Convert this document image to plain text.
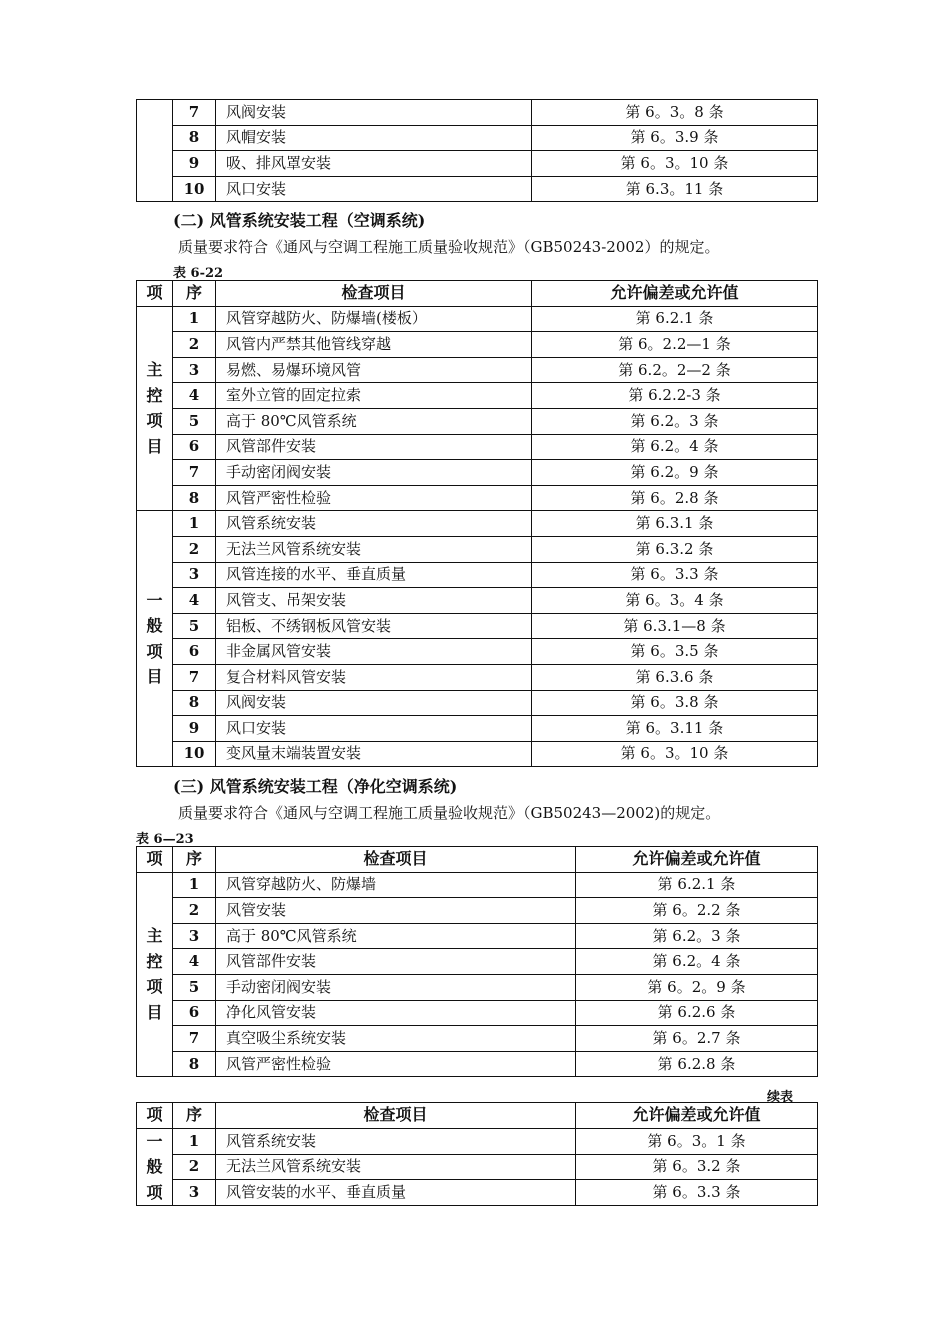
	7	风阀安装	第 6。3。8 条
	8	风帽安装	第 6。3.9 条
	9	吸、排风罩安装	第 6。3。10 条
	10	风口安装	第 6.3。11 条
(二) 风管系统安装工程（空调系统)
质量要求符合《通风与空调工程施工质量验收规范》（GB50243-2002）的规定。
表 6-22
项	序	检查项目	允许偏差或允许值
主
控
项
目	1	风管穿越防火、防爆墙(楼板）	第 6.2.1 条
	2	风管内严禁其他管线穿越	第 6。2.2—1 条
	3	易燃、易爆环境风管	第 6.2。2—2 条
	4	室外立管的固定拉索	第 6.2.2-3 条
	5	高于 80℃风管系统	第 6.2。3 条
	6	风管部件安装	第 6.2。4 条
	7	手动密闭阀安装	第 6.2。9 条
	8	风管严密性检验	第 6。2.8 条
一
般
项
目	1	风管系统安装	第 6.3.1 条
	2	无法兰风管系统安装	第 6.3.2 条
	3	风管连接的水平、垂直质量	第 6。3.3 条
	4	风管支、吊架安装	第 6。3。4 条
	5	铝板、不绣钢板风管安装	第 6.3.1—8 条
	6	非金属风管安装	第 6。3.5 条
	7	复合材料风管安装	第 6.3.6 条
	8	风阀安装	第 6。3.8 条
	9	风口安装	第 6。3.11 条
	10	变风量末端装置安装	第 6。3。10 条
(三) 风管系统安装工程（净化空调系统)
质量要求符合《通风与空调工程施工质量验收规范》（GB50243—2002)的规定。
表 6—23
项	序	检查项目	允许偏差或允许值
主
控
项
目	1	风管穿越防火、防爆墙	第 6.2.1 条
	2	风管安装	第 6。2.2 条
	3	高于 80℃风管系统	第 6.2。3 条
	4	风管部件安装	第 6.2。4 条
	5	手动密闭阀安装	第 6。2。9 条
	6	净化风管安装	第 6.2.6 条
	7	真空吸尘系统安装	第 6。2.7 条
	8	风管严密性检验	第 6.2.8 条
续表
项	序	检查项目	允许偏差或允许值
一
般
项	1	风管系统安装	第 6。3。1 条
	2	无法兰风管系统安装	第 6。3.2 条
	3	风管安装的水平、垂直质量	第 6。3.3 条
